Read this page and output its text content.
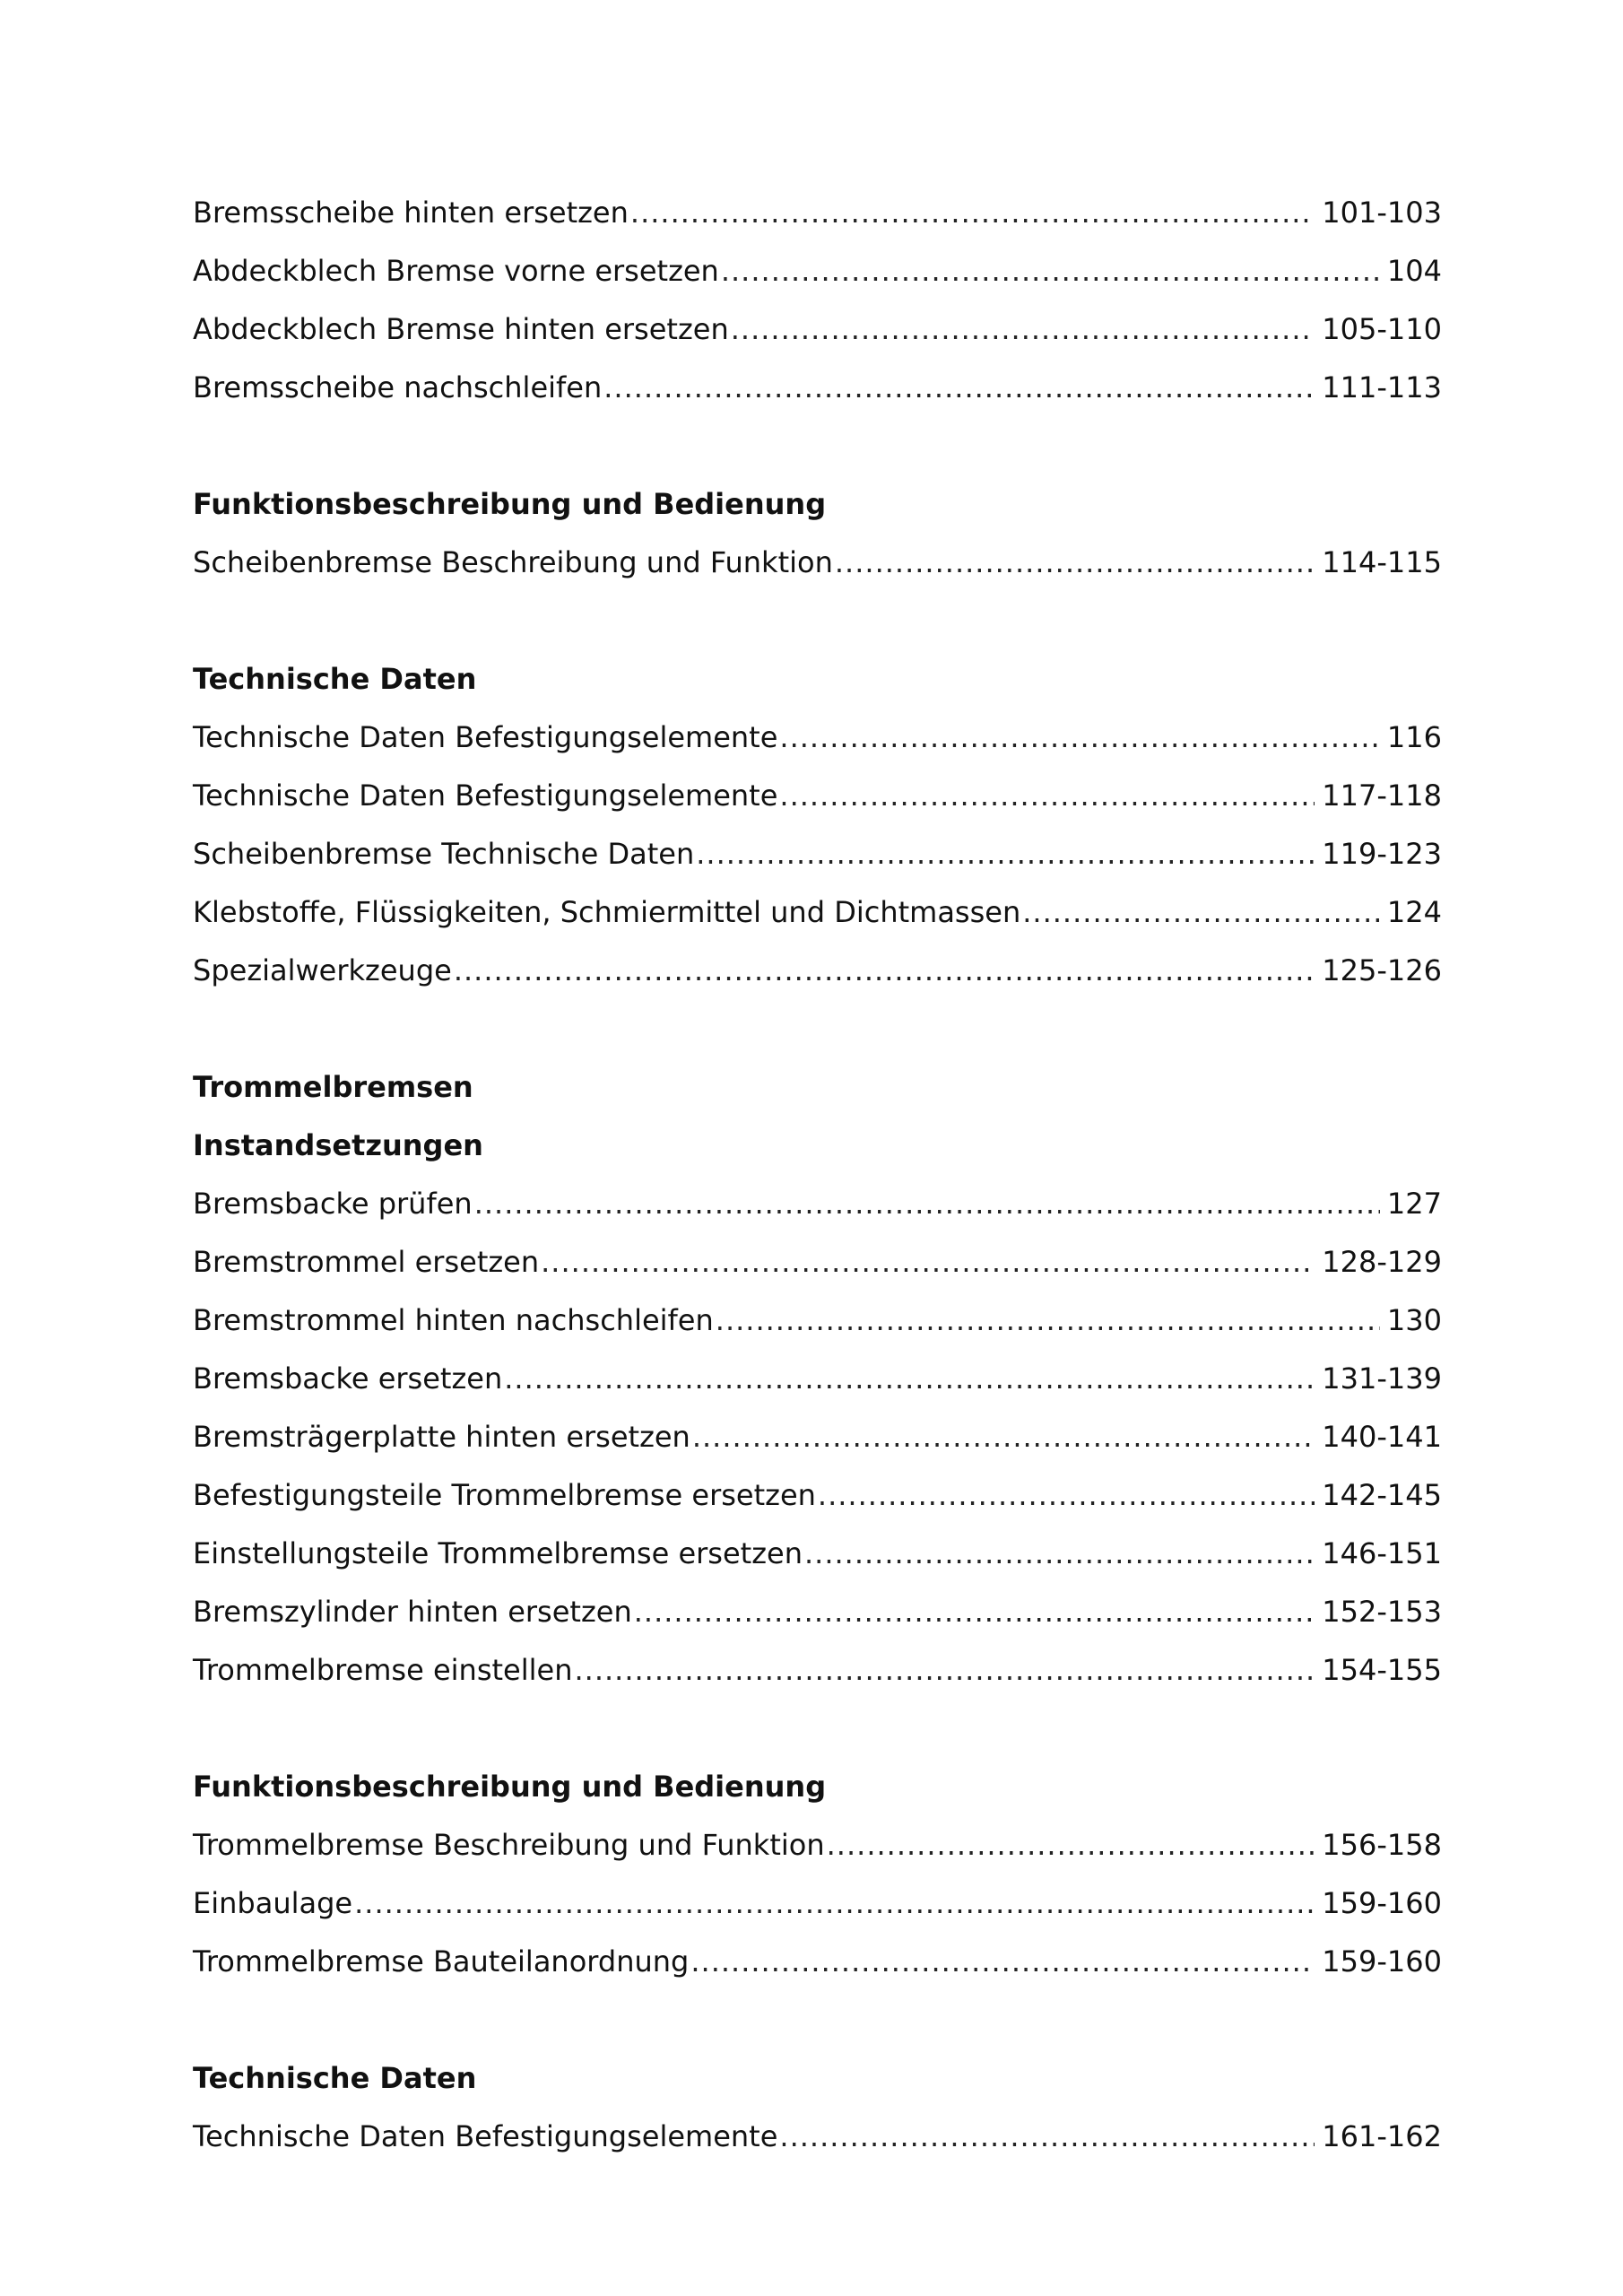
Bremsscheibe hinten ersetzen .....	101-103
Abdeckblech Bremse vorne ersetzen .....	104
Abdeckblech Bremse hinten ersetzen .....	105-110
Bremsscheibe nachschleifen .....	111-113
Funktionsbeschreibung und Bedienung
Scheibenbremse Beschreibung und Funktion .....	114-115
Technische Daten
Technische Daten Befestigungselemente .....	116
Technische Daten Befestigungselemente .....	117-118
Scheibenbremse Technische Daten .....	119-123
Klebstoffe, Flüssigkeiten, Schmiermittel und Dichtmassen .....	124
Spezialwerkzeuge .....	125-126
Trommelbremsen
Instandsetzungen
Bremsbacke prüfen .....	127
Bremstrommel ersetzen .....	128-129
Bremstrommel hinten nachschleifen .....	130
Bremsbacke ersetzen .....	131-139
Bremsträgerplatte hinten ersetzen .....	140-141
Befestigungsteile Trommelbremse ersetzen .....	142-145
Einstellungsteile Trommelbremse ersetzen .....	146-151
Bremszylinder hinten ersetzen .....	152-153
Trommelbremse einstellen .....	154-155
Funktionsbeschreibung und Bedienung
Trommelbremse Beschreibung und Funktion .....	156-158
Einbaulage .....	159-160
Trommelbremse Bauteilanordnung .....	159-160
Technische Daten
Technische Daten Befestigungselemente .....	161-162
